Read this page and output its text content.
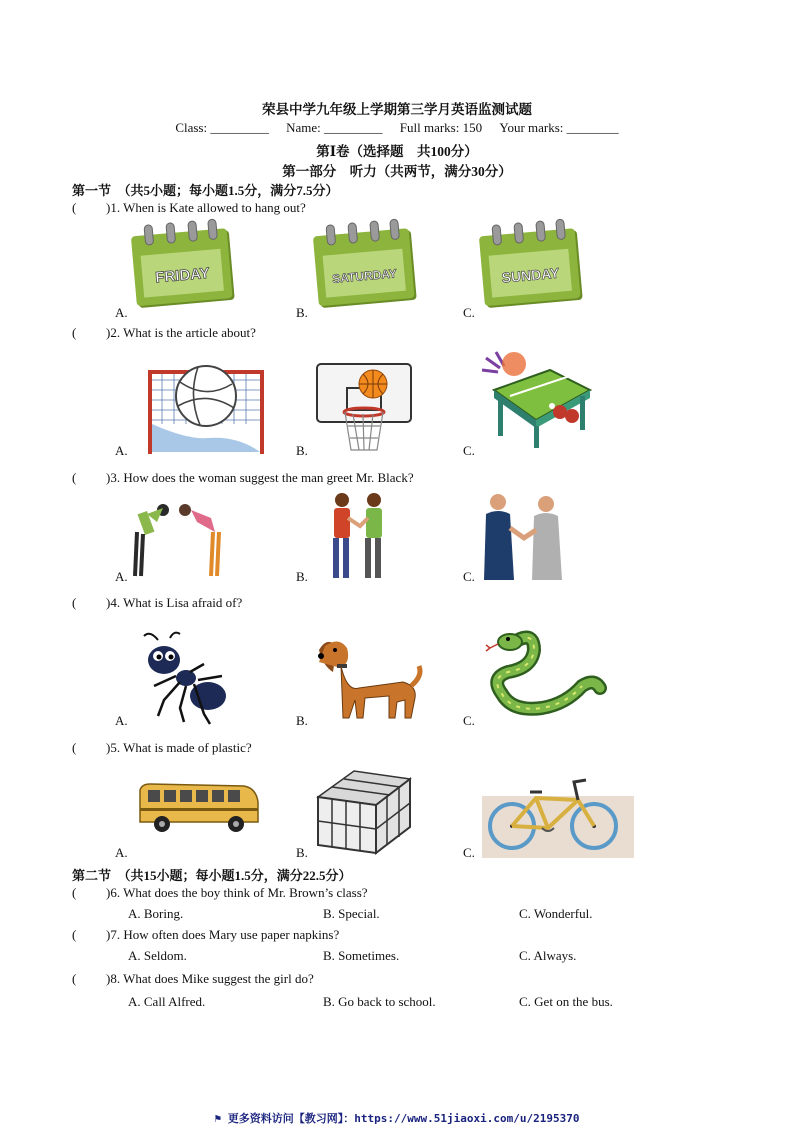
荣县中学九年级上学期第三学月英语监测试题
Class: _________ Name: _________ Full marks: 150 Your marks: ________
第Ⅰ卷（选择题　共100分）
第一部分　听力（共两节，满分30分）
第一节　（共5小题；每小题1.5分，满分7.5分）
( )1. When is Kate allowed to hang out?
A.	B.	C.
FRIDAY	SATURDAY	SUNDAY
( )2. What is the article about?
A.	B.	C.
( )3. How does the woman suggest the man greet Mr. Black?
A.	B.	C.
( )4. What is Lisa afraid of?
A.	B.	C.
( )5. What is made of plastic?
A.	B.	C.
第二节　（共15小题；每小题1.5分，满分22.5分）
( )6. What does the boy think of Mr. Brown’s class?
A. Boring.	B. Special.	C. Wonderful.
( )7. How often does Mary use paper napkins?
A. Seldom.	B. Sometimes.	C. Always.
( )8. What does Mike suggest the girl do?
A. Call Alfred.	B. Go back to school.	C. Get on the bus.
⚑ 更多资料访问【教习网】：https://www.51jiaoxi.com/u/2195370
